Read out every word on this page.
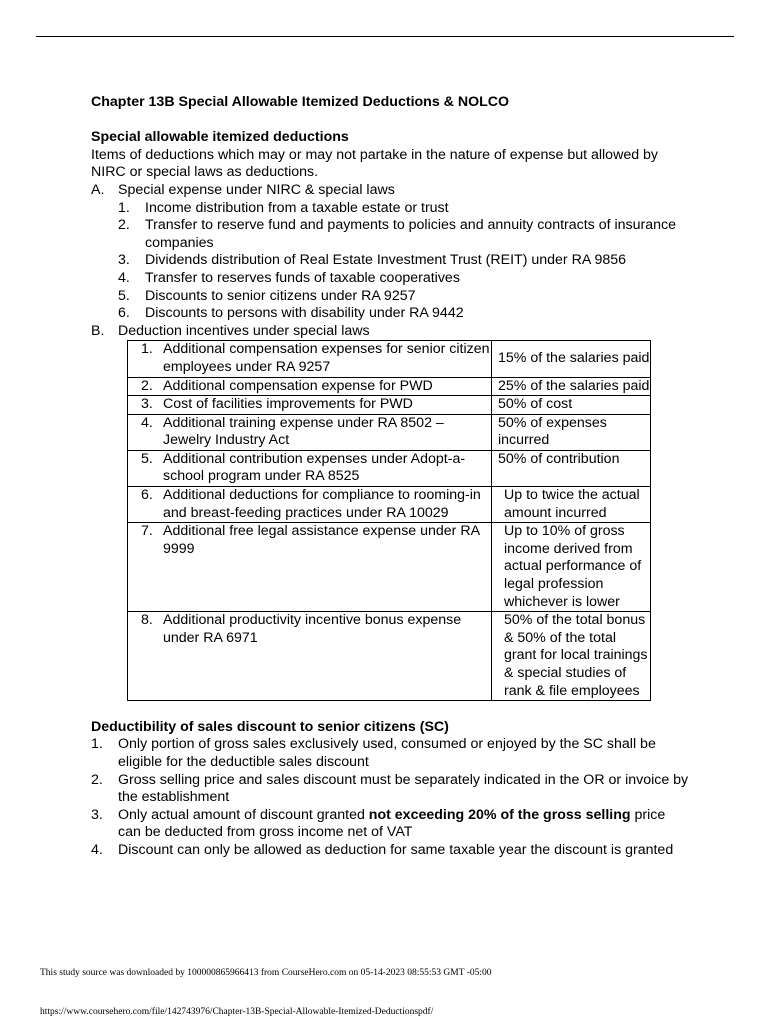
Chapter 13B Special Allowable Itemized Deductions & NOLCO

Special allowable itemized deductions

Items of deductions which may or may not partake in the nature of expense but allowed by NIRC or special laws as deductions.

A. Special expense under NIRC & special laws
1. Income distribution from a taxable estate or trust
2. Transfer to reserve fund and payments to policies and annuity contracts of insurance companies
3. Dividends distribution of Real Estate Investment Trust (REIT) under RA 9856
4. Transfer to reserves funds of taxable cooperatives
5. Discounts to senior citizens under RA 9257
6. Discounts to persons with disability under RA 9442
B. Deduction incentives under special laws
1. Additional compensation expenses for senior citizen employees under RA 9257	15% of the salaries paid

2. Additional compensation expense for PWD	25% of the salaries paid

3. Cost of facilities improvements for PWD	50% of cost

4. Additional training expense under RA 8502 – Jewelry Industry Act	50% of expenses incurred

5. Additional contribution expenses under Adopt-a-school program under RA 8525	50% of contribution

6. Additional deductions for compliance to rooming-in and breast-feeding practices under RA 10029	Up to twice the actual amount incurred

7. Additional free legal assistance expense under RA 9999	Up to 10% of gross income derived from actual performance of legal profession whichever is lower

8. Additional productivity incentive bonus expense under RA 6971	50% of the total bonus & 50% of the total grant for local trainings & special studies of rank & file employees

Deductibility of sales discount to senior citizens (SC)

1. Only portion of gross sales exclusively used, consumed or enjoyed by the SC shall be eligible for the deductible sales discount
2. Gross selling price and sales discount must be separately indicated in the OR or invoice by the establishment
3. Only actual amount of discount granted not exceeding 20% of the gross selling price can be deducted from gross income net of VAT
4. Discount can only be allowed as deduction for same taxable year the discount is granted
This study source was downloaded by 100000865966413 from CourseHero.com on 05-14-2023 08:55:53 GMT -05:00
https://www.coursehero.com/file/142743976/Chapter-13B-Special-Allowable-Itemized-Deductionspdf/
